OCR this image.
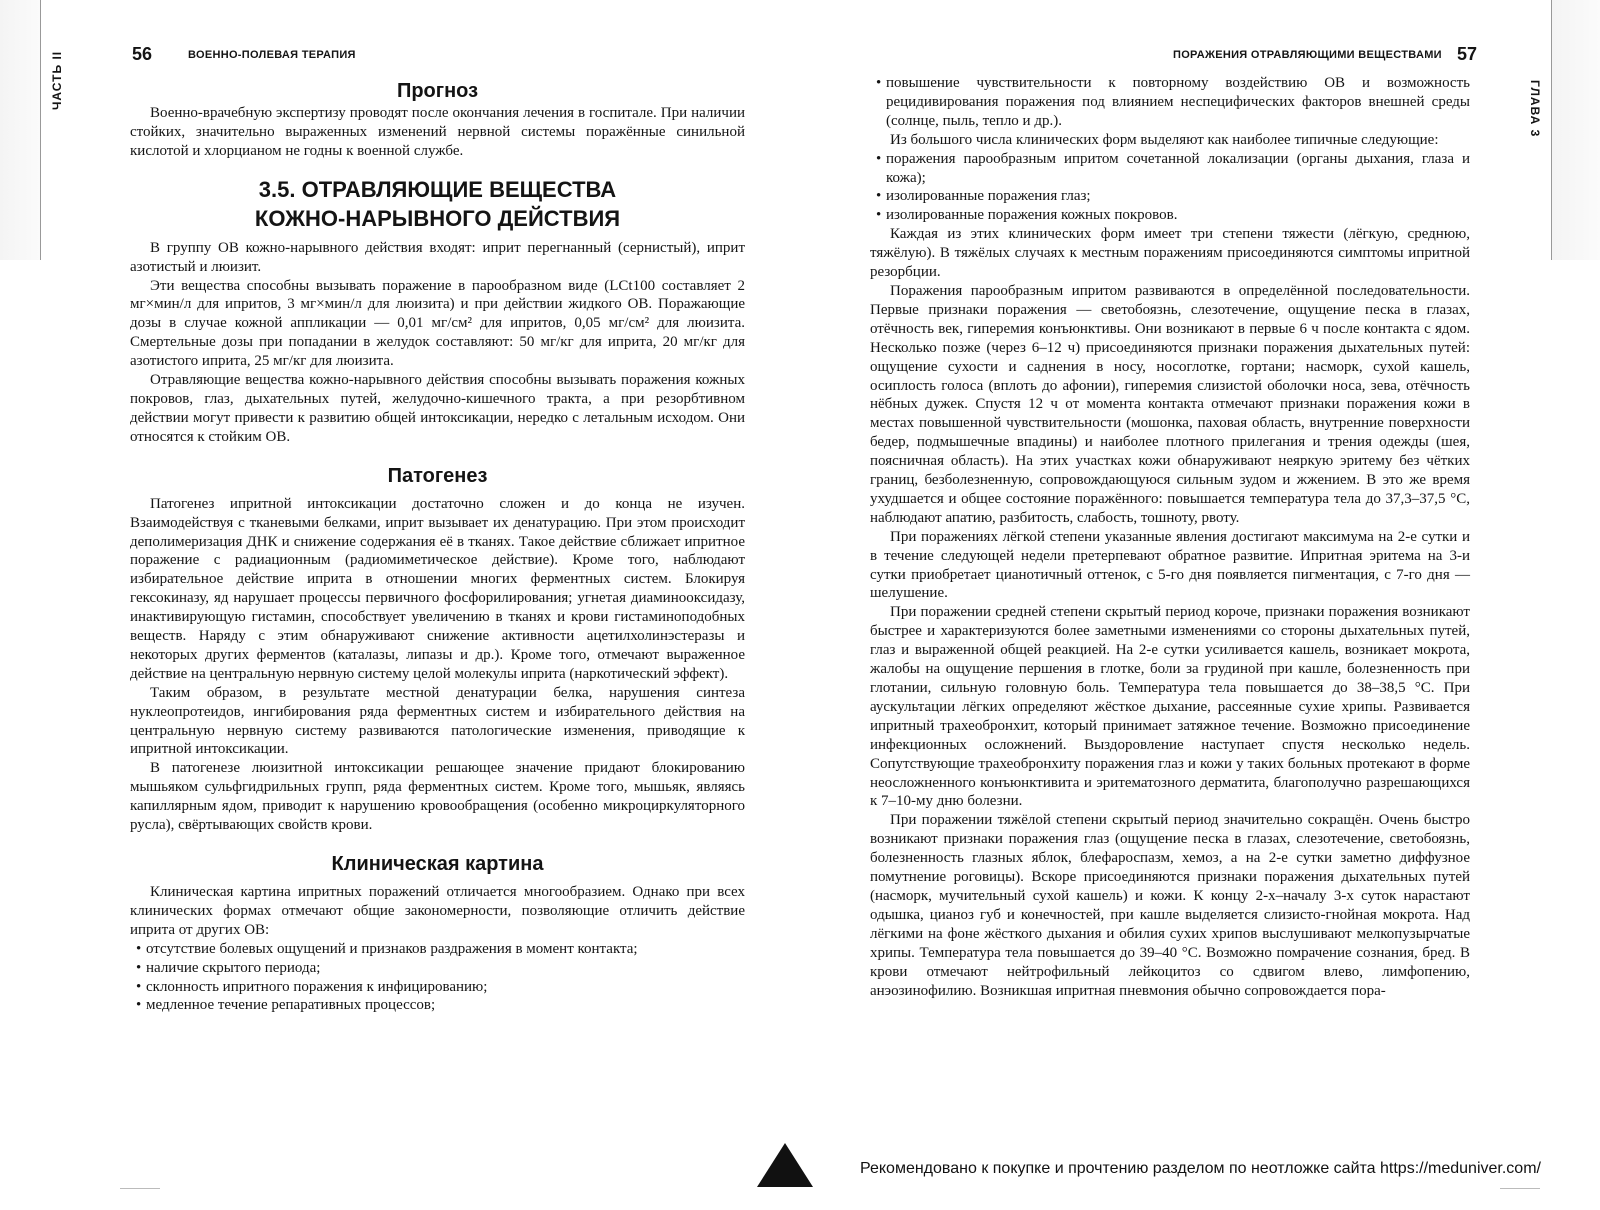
ЧАСТЬ II	56	ВОЕННО-ПОЛЕВАЯ ТЕРАПИЯ
Прогноз

Военно-врачебную экспертизу проводят после окончания лечения в госпитале. При наличии стойких, значительно выраженных изменений нервной системы поражённые синильной кислотой и хлорцианом не годны к военной службе.

3.5. ОТРАВЛЯЮЩИЕ ВЕЩЕСТВА
КОЖНО-НАРЫВНОГО ДЕЙСТВИЯ

В группу ОВ кожно-нарывного действия входят: иприт перегнанный (сернистый), иприт азотистый и люизит.

Эти вещества способны вызывать поражение в парообразном виде (LCt100 составляет 2 мг×мин/л для ипритов, 3 мг×мин/л для люизита) и при действии жидкого ОВ. Поражающие дозы в случае кожной аппликации — 0,01 мг/см² для ипритов, 0,05 мг/см² для люизита. Смертельные дозы при попадании в желудок составляют: 50 мг/кг для иприта, 20 мг/кг для азотистого иприта, 25 мг/кг для люизита.

Отравляющие вещества кожно-нарывного действия способны вызывать поражения кожных покровов, глаз, дыхательных путей, желудочно-кишечного тракта, а при резорбтивном действии могут привести к развитию общей интоксикации, нередко с летальным исходом. Они относятся к стойким ОВ.

Патогенез

Патогенез ипритной интоксикации достаточно сложен и до конца не изучен. Взаимодействуя с тканевыми белками, иприт вызывает их денатурацию. При этом происходит деполимеризация ДНК и снижение содержания её в тканях. Такое действие сближает ипритное поражение с радиационным (радиомиметическое действие). Кроме того, наблюдают избирательное действие иприта в отношении многих ферментных систем. Блокируя гексокиназу, яд нарушает процессы первичного фосфорилирования; угнетая диаминооксидазу, инактивирующую гистамин, способствует увеличению в тканях и крови гистаминоподобных веществ. Наряду с этим обнаруживают снижение активности ацетилхолинэстеразы и некоторых других ферментов (каталазы, липазы и др.). Кроме того, отмечают выраженное действие на центральную нервную систему целой молекулы иприта (наркотический эффект).

Таким образом, в результате местной денатурации белка, нарушения синтеза нуклеопротеидов, ингибирования ряда ферментных систем и избирательного действия на центральную нервную систему развиваются патологические изменения, приводящие к ипритной интоксикации.

В патогенезе люизитной интоксикации решающее значение придают блокированию мышьяком сульфгидрильных групп, ряда ферментных систем. Кроме того, мышьяк, являясь капиллярным ядом, приводит к нарушению кровообращения (особенно микроциркуляторного русла), свёртывающих свойств крови.

Клиническая картина

Клиническая картина ипритных поражений отличается многообразием. Однако при всех клинических формах отмечают общие закономерности, позволяющие отличить действие иприта от других ОВ:

• отсутствие болевых ощущений и признаков раздражения в момент контакта;
• наличие скрытого периода;
• склонность ипритного поражения к инфицированию;
• медленное течение репаративных процессов;
ГЛАВА 3
ПОРАЖЕНИЯ ОТРАВЛЯЮЩИМИ ВЕЩЕСТВАМИ 57
• повышение чувствительности к повторному воздействию ОВ и возможность рецидивирования поражения под влиянием неспецифических факторов внешней среды (солнце, пыль, тепло и др.).

Из большого числа клинических форм выделяют как наиболее типичные следующие:

• поражения парообразным ипритом сочетанной локализации (органы дыхания, глаза и кожа);
• изолированные поражения глаз;
• изолированные поражения кожных покровов.

Каждая из этих клинических форм имеет три степени тяжести (лёгкую, среднюю, тяжёлую). В тяжёлых случаях к местным поражениям присоединяются симптомы ипритной резорбции.

Поражения парообразным ипритом развиваются в определённой последовательности. Первые признаки поражения — светобоязнь, слезотечение, ощущение песка в глазах, отёчность век, гиперемия конъюнктивы. Они возникают в первые 6 ч после контакта с ядом. Несколько позже (через 6–12 ч) присоединяются признаки поражения дыхательных путей: ощущение сухости и саднения в носу, носоглотке, гортани; насморк, сухой кашель, осиплость голоса (вплоть до афонии), гиперемия слизистой оболочки носа, зева, отёчность нёбных дужек. Спустя 12 ч от момента контакта отмечают признаки поражения кожи в местах повышенной чувствительности (мошонка, паховая область, внутренние поверхности бедер, подмышечные впадины) и наиболее плотного прилегания и трения одежды (шея, поясничная область). На этих участках кожи обнаруживают неяркую эритему без чётких границ, безболезненную, сопровождающуюся сильным зудом и жжением. В это же время ухудшается и общее состояние поражённого: повышается температура тела до 37,3–37,5 °С, наблюдают апатию, разбитость, слабость, тошноту, рвоту.

При поражениях лёгкой степени указанные явления достигают максимума на 2-е сутки и в течение следующей недели претерпевают обратное развитие. Ипритная эритема на 3-и сутки приобретает цианотичный оттенок, с 5-го дня появляется пигментация, с 7-го дня — шелушение.

При поражении средней степени скрытый период короче, признаки поражения возникают быстрее и характеризуются более заметными изменениями со стороны дыхательных путей, глаз и выраженной общей реакцией. На 2-е сутки усиливается кашель, возникает мокрота, жалобы на ощущение першения в глотке, боли за грудиной при кашле, болезненность при глотании, сильную головную боль. Температура тела повышается до 38–38,5 °С. При аускультации лёгких определяют жёсткое дыхание, рассеянные сухие хрипы. Развивается ипритный трахеобронхит, который принимает затяжное течение. Возможно присоединение инфекционных осложнений. Выздоровление наступает спустя несколько недель. Сопутствующие трахеобронхиту поражения глаз и кожи у таких больных протекают в форме неосложненного конъюнктивита и эритематозного дерматита, благополучно разрешающихся к 7–10-му дню болезни.

При поражении тяжёлой степени скрытый период значительно сокращён. Очень быстро возникают признаки поражения глаз (ощущение песка в глазах, слезотечение, светобоязнь, болезненность глазных яблок, блефароспазм, хемоз, а на 2-е сутки заметно диффузное помутнение роговицы). Вскоре присоединяются признаки поражения дыхательных путей (насморк, мучительный сухой кашель) и кожи. К концу 2-х–началу 3-х суток нарастают одышка, цианоз губ и конечностей, при кашле выделяется слизисто-гнойная мокрота. Над лёгкими на фоне жёсткого дыхания и обилия сухих хрипов выслушивают мелкопузырчатые хрипы. Температура тела повышается до 39–40 °С. Возможно помрачение сознания, бред. В крови отмечают нейтрофильный лейкоцитоз со сдвигом влево, лимфопению, анэозинофилию. Возникшая ипритная пневмония обычно сопровождается пора-

Рекомендовано к покупке и прочтению разделом по неотложке сайта https://meduniver.com/
